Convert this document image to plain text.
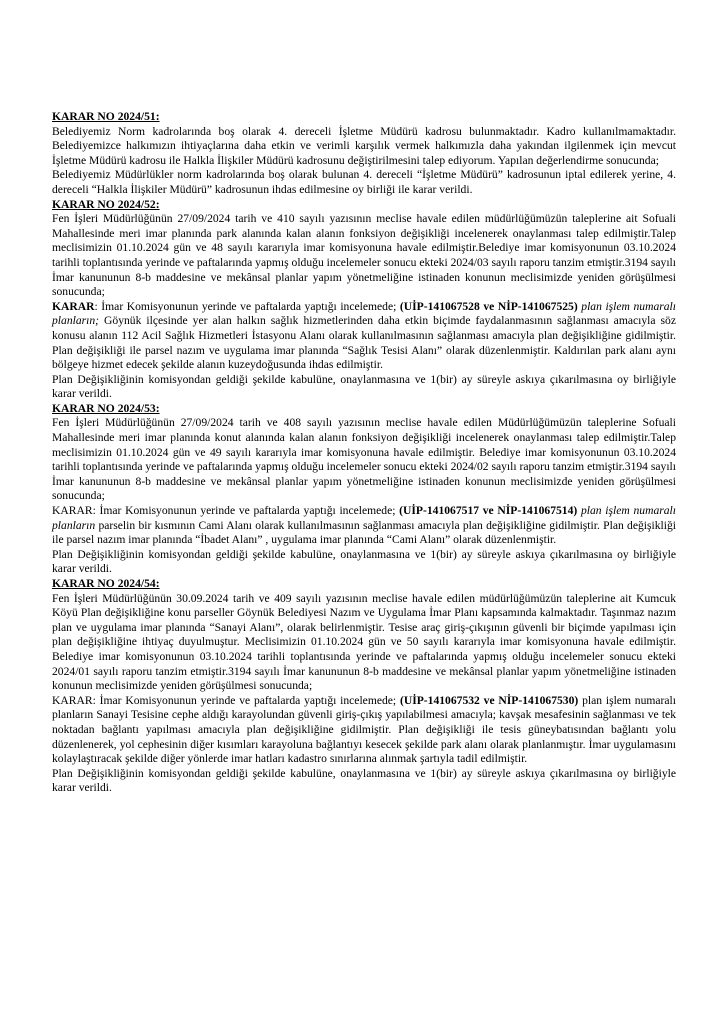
KARAR NO 2024/51:

Belediyemiz Norm kadrolarında boş olarak 4. dereceli İşletme Müdürü kadrosu bulunmaktadır. Kadro kullanılmamaktadır. Belediyemizce halkımızın ihtiyaçlarına daha etkin ve verimli karşılık vermek halkımızla daha yakından ilgilenmek için mevcut İşletme Müdürü kadrosu ile Halkla İlişkiler Müdürü kadrosunu değiştirilmesini talep ediyorum. Yapılan değerlendirme sonucunda;

Belediyemiz Müdürlükler norm kadrolarında boş olarak bulunan 4. dereceli “İşletme Müdürü” kadrosunun iptal edilerek yerine, 4. dereceli “Halkla İlişkiler Müdürü” kadrosunun ihdas edilmesine oy birliği ile karar verildi.

KARAR NO 2024/52:

Fen İşleri Müdürlüğünün 27/09/2024 tarih ve 410 sayılı yazısının meclise havale edilen müdürlüğümüzün taleplerine ait Sofuali Mahallesinde meri imar planında park alanında kalan alanın fonksiyon değişikliği incelenerek onaylanması talep edilmiştir.Talep meclisimizin 01.10.2024 gün ve 48 sayılı kararıyla imar komisyonuna havale edilmiştir.Belediye imar komisyonunun 03.10.2024 tarihli toplantısında yerinde ve paftalarında yapmış olduğu incelemeler sonucu ekteki 2024/03 sayılı raporu tanzim etmiştir.3194 sayılı İmar kanununun 8-b maddesine ve mekânsal planlar yapım yönetmeliğine istinaden konunun meclisimizde yeniden görüşülmesi sonucunda;

KARAR: İmar Komisyonunun yerinde ve paftalarda yaptığı incelemede; (UİP-141067528 ve NİP-141067525) plan işlem numaralı planların; Göynük ilçesinde yer alan halkın sağlık hizmetlerinden daha etkin biçimde faydalanmasının sağlanması amacıyla söz konusu alanın 112 Acil Sağlık Hizmetleri İstasyonu Alanı olarak kullanılmasının sağlanması amacıyla plan değişikliğine gidilmiştir. Plan değişikliği ile parsel nazım ve uygulama imar planında “Sağlık Tesisi Alanı” olarak düzenlenmiştir. Kaldırılan park alanı aynı bölgeye hizmet edecek şekilde alanın kuzeydoğusunda ihdas edilmiştir.

Plan Değişikliğinin komisyondan geldiği şekilde kabulüne, onaylanmasına ve 1(bir) ay süreyle askıya çıkarılmasına oy birliğiyle karar verildi.

KARAR NO 2024/53:

Fen İşleri Müdürlüğünün 27/09/2024 tarih ve 408 sayılı yazısının meclise havale edilen Müdürlüğümüzün taleplerine Sofuali Mahallesinde meri imar planında konut alanında kalan alanın fonksiyon değişikliği incelenerek onaylanması talep edilmiştir.Talep meclisimizin 01.10.2024 gün ve 49 sayılı kararıyla imar komisyonuna havale edilmiştir. Belediye imar komisyonunun 03.10.2024 tarihli toplantısında yerinde ve paftalarında yapmış olduğu incelemeler sonucu ekteki 2024/02 sayılı raporu tanzim etmiştir.3194 sayılı İmar kanununun 8-b maddesine ve mekânsal planlar yapım yönetmeliğine istinaden konunun meclisimizde yeniden görüşülmesi sonucunda;

KARAR: İmar Komisyonunun yerinde ve paftalarda yaptığı incelemede; (UİP-141067517 ve NİP-141067514) plan işlem numaralı planların parselin bir kısmının Cami Alanı olarak kullanılmasının sağlanması amacıyla plan değişikliğine gidilmiştir. Plan değişikliği ile parsel nazım imar planında “İbadet Alanı” , uygulama imar planında “Cami Alanı” olarak düzenlenmiştir.

Plan Değişikliğinin komisyondan geldiği şekilde kabulüne, onaylanmasına ve 1(bir) ay süreyle askıya çıkarılmasına oy birliğiyle karar verildi.

KARAR NO 2024/54:

Fen İşleri Müdürlüğünün 30.09.2024 tarih ve 409 sayılı yazısının meclise havale edilen müdürlüğümüzün taleplerine ait Kumcuk Köyü Plan değişikliğine konu parseller Göynük Belediyesi Nazım ve Uygulama İmar Planı kapsamında kalmaktadır. Taşınmaz nazım plan ve uygulama imar planında “Sanayi Alanı”, olarak belirlenmiştir. Tesise araç giriş-çıkışının güvenli bir biçimde yapılması için plan değişikliğine ihtiyaç duyulmuştur. Meclisimizin 01.10.2024 gün ve 50 sayılı kararıyla imar komisyonuna havale edilmiştir. Belediye imar komisyonunun 03.10.2024 tarihli toplantısında yerinde ve paftalarında yapmış olduğu incelemeler sonucu ekteki 2024/01 sayılı raporu tanzim etmiştir.3194 sayılı İmar kanununun 8-b maddesine ve mekânsal planlar yapım yönetmeliğine istinaden konunun meclisimizde yeniden görüşülmesi sonucunda;

KARAR: İmar Komisyonunun yerinde ve paftalarda yaptığı incelemede; (UİP-141067532 ve NİP-141067530) plan işlem numaralı planların Sanayi Tesisine cephe aldığı karayolundan güvenli giriş-çıkış yapılabilmesi amacıyla; kavşak mesafesinin sağlanması ve tek noktadan bağlantı yapılması amacıyla plan değişikliğine gidilmiştir. Plan değişikliği ile tesis güneybatısından bağlantı yolu düzenlenerek, yol cephesinin diğer kısımları karayoluna bağlantıyı kesecek şekilde park alanı olarak planlanmıştır. İmar uygulamasını kolaylaştıracak şekilde diğer yönlerde imar hatları kadastro sınırlarına alınmak şartıyla tadil edilmiştir.

Plan Değişikliğinin komisyondan geldiği şekilde kabulüne, onaylanmasına ve 1(bir) ay süreyle askıya çıkarılmasına oy birliğiyle karar verildi.
